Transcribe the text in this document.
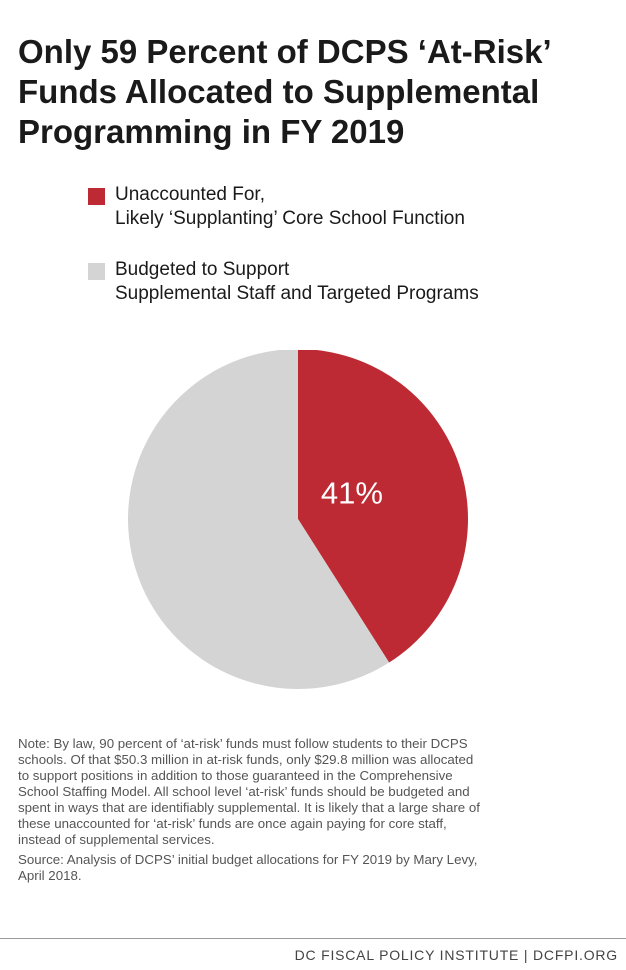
Only 59 Percent of DCPS ‘At-Risk’
Funds Allocated to Supplemental
Programming in FY 2019
Unaccounted For,
Likely ‘Supplanting’ Core School Function
Budgeted to Support
Supplemental Staff and Targeted Programs
41%
Note: By law, 90 percent of ‘at-risk’ funds must follow students to their DCPS
schools. Of that $50.3 million in at-risk funds, only $29.8 million was allocated
to support positions in addition to those guaranteed in the Comprehensive
School Staffing Model. All school level ‘at-risk’ funds should be budgeted and
spent in ways that are identifiably supplemental. It is likely that a large share of
these unaccounted for ‘at-risk’ funds are once again paying for core staff,
instead of supplemental services.
Source: Analysis of DCPS’ initial budget allocations for FY 2019 by Mary Levy,
April 2018.
DC FISCAL POLICY INSTITUTE | DCFPI.ORG
